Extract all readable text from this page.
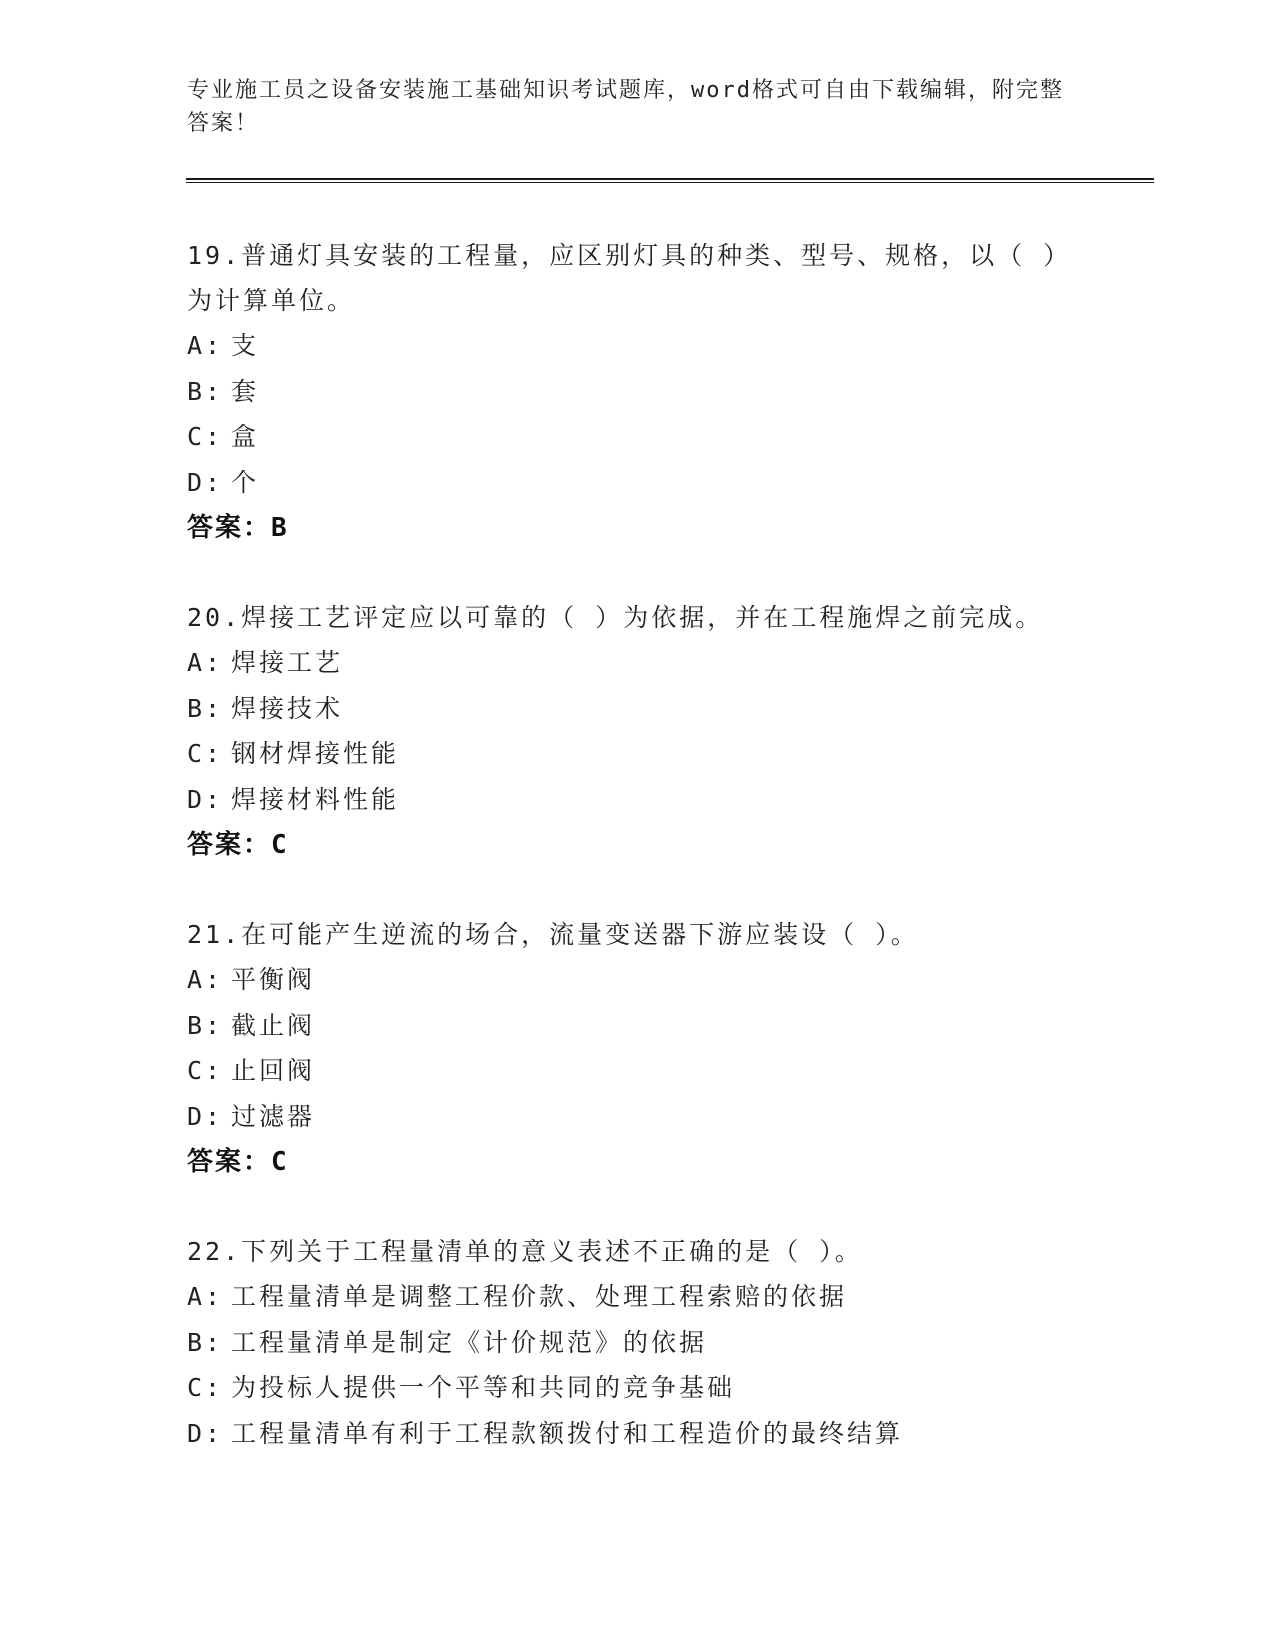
专业施工员之设备安装施工基础知识考试题库，word格式可自由下载编辑，附完整答案！
19.普通灯具安装的工程量，应区别灯具的种类、型号、规格，以（ ）为计算单位。
A: 支
B: 套
C: 盒
D: 个
答案：B
20.焊接工艺评定应以可靠的（ ）为依据，并在工程施焊之前完成。
A: 焊接工艺
B: 焊接技术
C: 钢材焊接性能
D: 焊接材料性能
答案：C
21.在可能产生逆流的场合，流量变送器下游应装设（ ）。
A: 平衡阀
B: 截止阀
C: 止回阀
D: 过滤器
答案：C
22.下列关于工程量清单的意义表述不正确的是（ ）。
A: 工程量清单是调整工程价款、处理工程索赔的依据
B: 工程量清单是制定《计价规范》的依据
C: 为投标人提供一个平等和共同的竞争基础
D: 工程量清单有利于工程款额拨付和工程造价的最终结算
